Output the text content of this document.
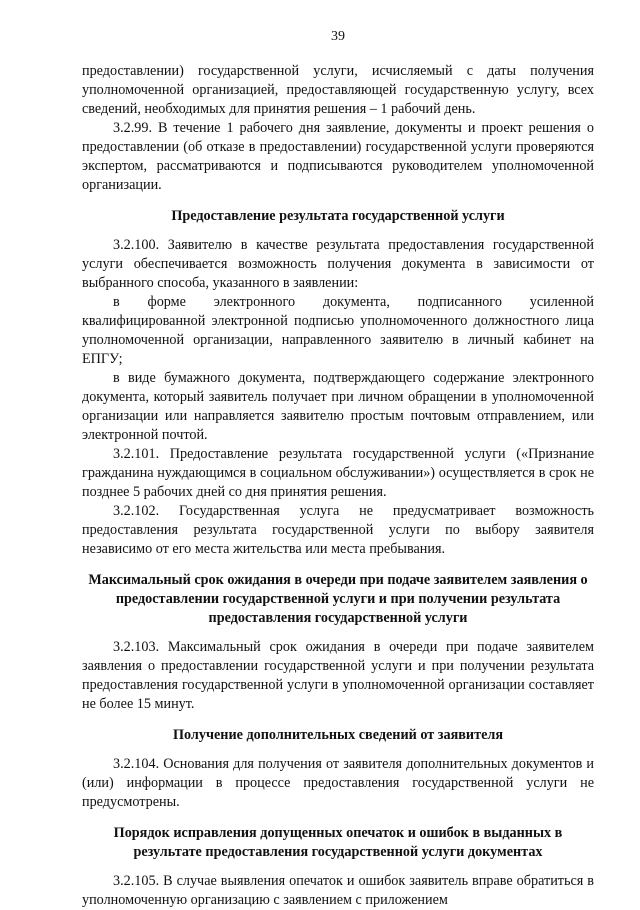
39

предоставлении) государственной услуги, исчисляемый с даты получения уполномоченной организацией, предоставляющей государственную услугу, всех сведений, необходимых для принятия решения – 1 рабочий день.

3.2.99. В течение 1 рабочего дня заявление, документы и проект решения о предоставлении (об отказе в предоставлении) государственной услуги проверяются экспертом, рассматриваются и подписываются руководителем уполномоченной организации.

Предоставление результата государственной услуги

3.2.100. Заявителю в качестве результата предоставления государственной услуги обеспечивается возможность получения документа в зависимости от выбранного способа, указанного в заявлении:

в форме электронного документа, подписанного усиленной квалифицированной электронной подписью уполномоченного должностного лица уполномоченной организации, направленного заявителю в личный кабинет на ЕПГУ;

в виде бумажного документа, подтверждающего содержание электронного документа, который заявитель получает при личном обращении в уполномоченной организации или направляется заявителю простым почтовым отправлением, или электронной почтой.

3.2.101. Предоставление результата государственной услуги («Признание гражданина нуждающимся в социальном обслуживании») осуществляется в срок не позднее 5 рабочих дней со дня принятия решения.

3.2.102. Государственная услуга не предусматривает возможность предоставления результата государственной услуги по выбору заявителя независимо от его места жительства или места пребывания.

Максимальный срок ожидания в очереди при подаче заявителем заявления о предоставлении государственной услуги и при получении результата предоставления государственной услуги

3.2.103. Максимальный срок ожидания в очереди при подаче заявителем заявления о предоставлении государственной услуги и при получении результата предоставления государственной услуги в уполномоченной организации составляет не более 15 минут.

Получение дополнительных сведений от заявителя

3.2.104. Основания для получения от заявителя дополнительных документов и (или) информации в процессе предоставления государственной услуги не предусмотрены.

Порядок исправления допущенных опечаток и ошибок в выданных в результате предоставления государственной услуги документах

3.2.105. В случае выявления опечаток и ошибок заявитель вправе обратиться в уполномоченную организацию с заявлением с приложением
